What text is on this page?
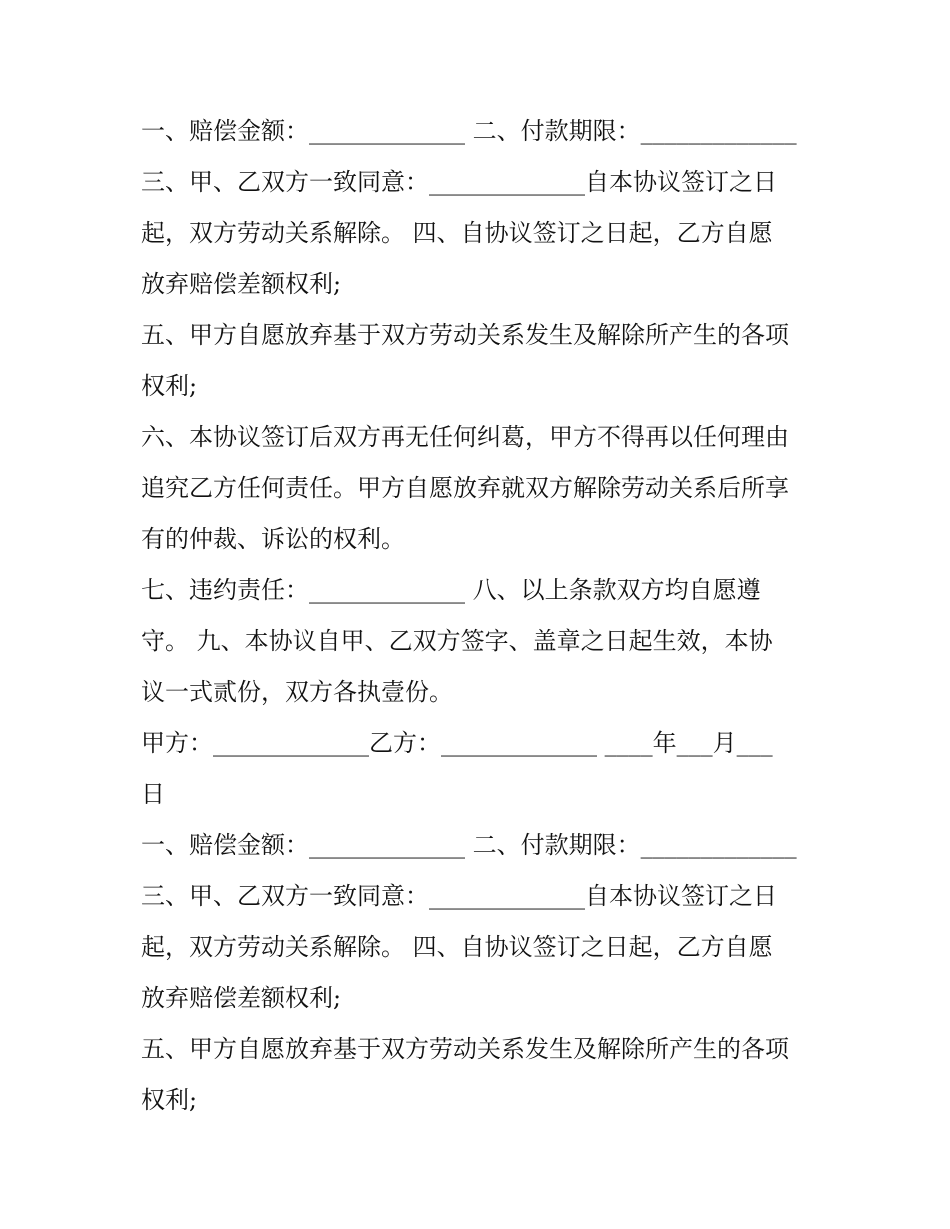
一、赔偿金额：_____________ 二、付款期限：_____________
三、甲、乙双方一致同意：_____________自本协议签订之日
起，双方劳动关系解除。 四、自协议签订之日起，乙方自愿
放弃赔偿差额权利;
五、甲方自愿放弃基于双方劳动关系发生及解除所产生的各项
权利;
六、本协议签订后双方再无任何纠葛，甲方不得再以任何理由
追究乙方任何责任。甲方自愿放弃就双方解除劳动关系后所享
有的仲裁、诉讼的权利。
七、违约责任：_____________ 八、以上条款双方均自愿遵
守。 九、本协议自甲、乙双方签字、盖章之日起生效，本协
议一式贰份，双方各执壹份。
甲方：_____________乙方：_____________ ____年___月___
日
一、赔偿金额：_____________ 二、付款期限：_____________
三、甲、乙双方一致同意：_____________自本协议签订之日
起，双方劳动关系解除。 四、自协议签订之日起，乙方自愿
放弃赔偿差额权利;
五、甲方自愿放弃基于双方劳动关系发生及解除所产生的各项
权利;
